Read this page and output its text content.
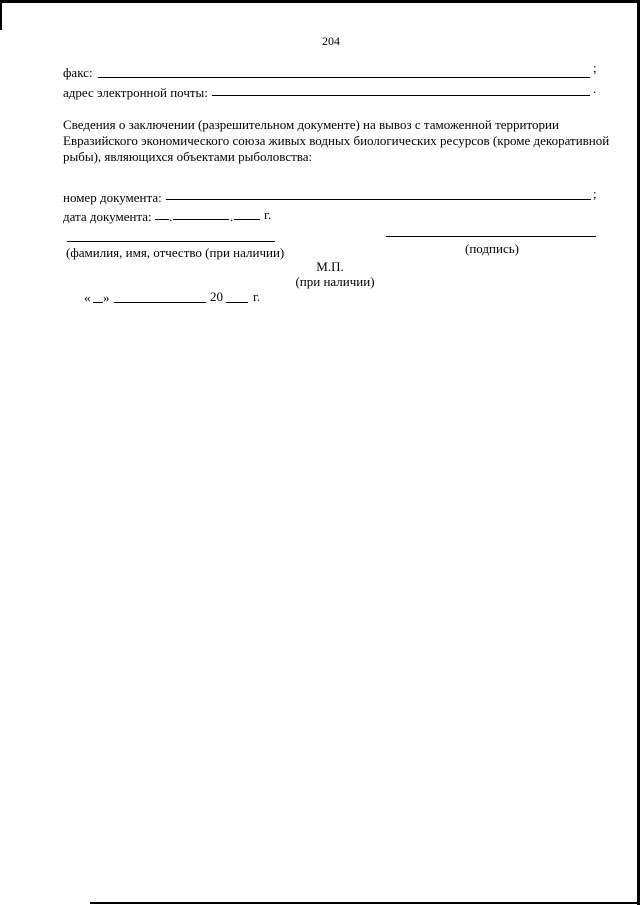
204
факс:	;
адрес электронной почты:	.
Сведения о заключении (разрешительном документе) на вывоз с таможенной территории
Евразийского экономического союза живых водных биологических ресурсов (кроме декоративной
рыбы), являющихся объектами рыболовства:
номер документа:	;
дата документа: .	. г.
(фамилия, имя, отчество (при наличии)	(подпись)
М.П.
(при наличии)
« »	20 г.
